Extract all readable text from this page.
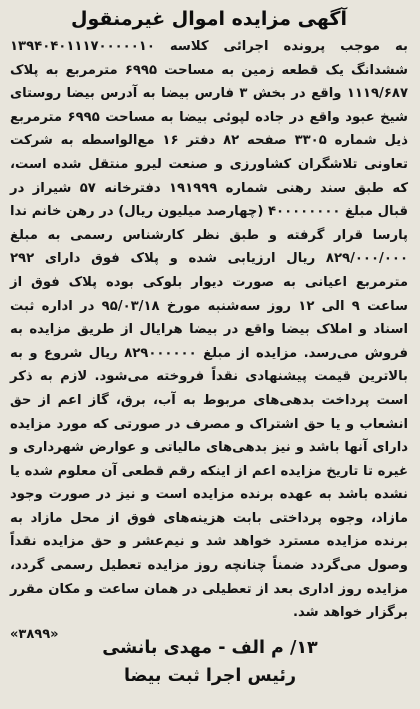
آگهی مزایده اموال غیرمنقول

به موجب پرونده اجرائی کلاسه ۱۳۹۴۰۴۰۱۱۱۷۰۰۰۰۰۱۰ ششدانگ یک قطعه زمین به مساحت ۶۹۹۵ مترمربع به پلاک ۱۱۱۹/۶۸۷ واقع در بخش ۳ فارس بیضا به آدرس بیضا روستای شیخ عبود واقع در جاده لپوئی بیضا به مساحت ۶۹۹۵ مترمربع ذیل شماره ۳۳۰۵ صفحه ۸۲ دفتر ۱۶ مع‌الواسطه به شرکت تعاونی تلاشگران کشاورزی و صنعت لیرو منتقل شده است، که طبق سند رهنی شماره ۱۹۱۹۹۹ دفترخانه ۵۷ شیراز در قبال مبلغ ۴۰۰۰۰۰۰۰۰ (چهارصد میلیون ریال) در رهن خانم ندا پارسا قرار گرفته و طبق نظر کارشناس رسمی به مبلغ ۸۲۹/۰۰۰/۰۰۰ ریال ارزیابی شده و پلاک فوق دارای ۲۹۲ مترمربع اعیانی به صورت دیوار بلوکی بوده پلاک فوق از ساعت ۹ الی ۱۲ روز سه‌شنبه مورخ ۹۵/۰۳/۱۸ در اداره ثبت اسناد و املاک بیضا واقع در بیضا هرایال از طریق مزایده به فروش می‌رسد. مزایده از مبلغ ۸۲۹۰۰۰۰۰۰ ریال شروع و به بالاترین قیمت پیشنهادی نقداً فروخته می‌شود. لازم به ذکر است پرداخت بدهی‌های مربوط به آب، برق، گاز اعم از حق انشعاب و یا حق اشتراک و مصرف در صورتی که مورد مزایده دارای آنها باشد و نیز بدهی‌های مالیاتی و عوارض شهرداری و غیره تا تاریخ مزایده اعم از اینکه رقم قطعی آن معلوم شده یا نشده باشد به عهده برنده مزایده است و نیز در صورت وجود مازاد، وجوه پرداختی بابت هزینه‌های فوق از محل مازاد به برنده مزایده مسترد خواهد شد و نیم‌عشر و حق مزایده نقداً وصول می‌گردد ضمناً چنانچه روز مزایده تعطیل رسمی گردد، مزایده روز اداری بعد از تعطیلی در همان ساعت و مکان مقرر برگزار خواهد شد.

«۳۸۹۹»

۱۳/ م الف - مهدی بانشی
رئیس اجرا ثبت بیضا
